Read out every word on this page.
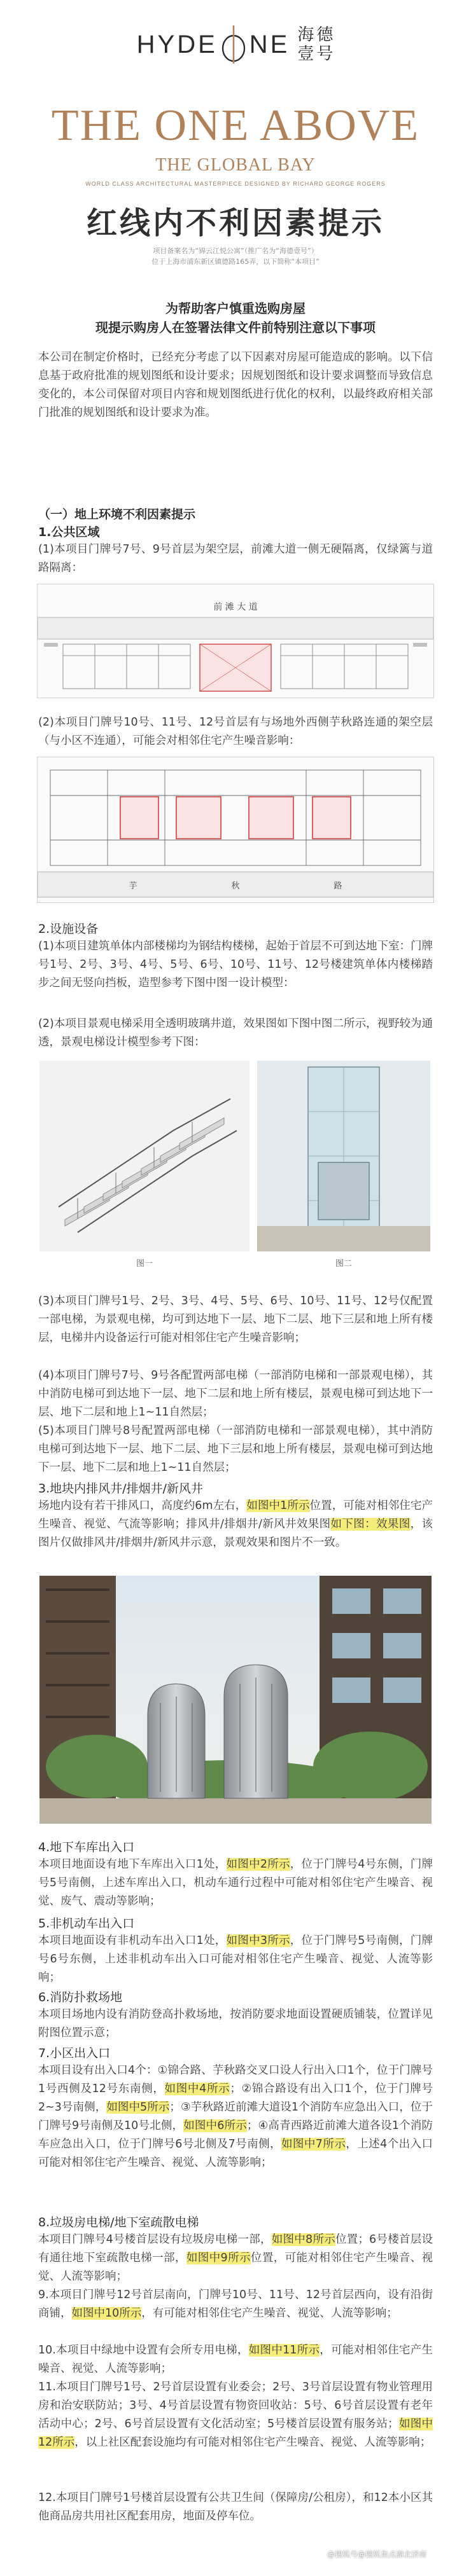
HYDE NE 海 德
壹 号
THE ONE ABOVE
THE GLOBAL BAY
WORLD CLASS ARCHITECTURAL MASTERPIECE DESIGNED BY RICHARD GEORGE ROGERS
红线内不利因素提示
项目备案名为“锦云江悦公寓”（推广名为“海德壹号”）
位于上海市浦东新区镇德路165弄，以下简称“本项目”
为帮助客户慎重选购房屋
现提示购房人在签署法律文件前特别注意以下事项
本公司在制定价格时，已经充分考虑了以下因素对房屋可能造成的影响。以下信息基于政府批准的规划图纸和设计要求；因规划图纸和设计要求调整而导致信息变化的，本公司保留对项目内容和规划图纸进行优化的权利，以最终政府相关部门批准的规划图纸和设计要求为准。
1.公共区域
（一）地上环境不利因素提示
(1)本项目门牌号7号、9号首层为架空层，前滩大道一侧无硬隔离，仅绿篱与道路隔离：
前 滩 大 道
(2)本项目门牌号10号、11号、12号首层有与场地外西侧芋秋路连通的架空层（与小区不连通），可能会对相邻住宅产生噪音影响：
芋	秋	路
2.设施设备
(1)本项目建筑单体内部楼梯均为钢结构楼梯，起始于首层不可到达地下室：门牌号1号、2号、3号、4号、5号、6号、10号、11号、12号楼建筑单体内楼梯踏步之间无竖向挡板，造型参考下图中图一设计模型：
(2)本项目景观电梯采用全透明玻璃井道，效果图如下图中图二所示，视野较为通透，景观电梯设计模型参考下图：
图一	图二
(3)本项目门牌号1号、2号、3号、4号、5号、6号、10号、11号、12号仅配置一部电梯，为景观电梯，均可到达地下一层、地下二层、地下三层和地上所有楼层，电梯井内设备运行可能对相邻住宅产生噪音影响；
(4)本项目门牌号7号、9号各配置两部电梯（一部消防电梯和一部景观电梯），其中消防电梯可到达地下一层、地下二层和地上所有楼层，景观电梯可到达地下一层、地下二层和地上1~11自然层；
(5)本项目门牌号8号配置两部电梯（一部消防电梯和一部景观电梯），其中消防电梯可到达地下一层、地下二层、地下三层和地上所有楼层，景观电梯可到达地下一层、地下二层和地上1~11自然层；
3.地块内排风井/排烟井/新风井
场地内设有若干排风口，高度约6m左右，如图中1所示位置，可能对相邻住宅产生噪音、视觉、气流等影响；排风井/排烟井/新风井效果图如下图：效果图，该图片仅做排风井/排烟井/新风井示意，景观效果和图片不一致。
4.地下车库出入口
本项目地面设有地下车库出入口1处，如图中2所示，位于门牌号4号东侧，门牌号5号南侧，上述车库出入口，机动车通行过程中可能对相邻住宅产生噪音、视觉、废气、震动等影响；
5.非机动车出入口
本项目地面设有非机动车出入口1处，如图中3所示，位于门牌号5号南侧，门牌号6号东侧，上述非机动车出入口可能对相邻住宅产生噪音、视觉、人流等影响；
6.消防扑救场地
本项目场地内设有消防登高扑救场地，按消防要求地面设置硬质铺装，位置详见附图位置示意；
7.小区出入口
本项目设有出入口4个：①锦合路、芋秋路交叉口设人行出入口1个，位于门牌号1号西侧及12号东南侧，如图中4所示；②锦合路设有出入口1个，位于门牌号2~3号南侧，如图中5所示；③芋秋路近前滩大道设1个消防车应急出入口，位于门牌号9号南侧及10号北侧，如图中6所示；④高青西路近前滩大道各设1个消防车应急出入口，位于门牌号6号北侧及7号南侧，如图中7所示，上述4个出入口可能对相邻住宅产生噪音、视觉、人流等影响；
8.垃圾房电梯/地下室疏散电梯
本项目门牌号4号楼首层设有垃圾房电梯一部，如图中8所示位置；6号楼首层设有通往地下室疏散电梯一部，如图中9所示位置，可能对相邻住宅产生噪音、视觉、人流等影响；
9.本项目门牌号12号首层南向，门牌号10号、11号、12号首层西向，设有沿街商铺，如图中10所示，有可能对相邻住宅产生噪音、视觉、人流等影响；
10.本项目中绿地中设置有会所专用电梯，如图中11所示，可能对相邻住宅产生噪音、视觉、人流等影响；
11.本项目门牌号1号、2号首层设置有业委会；2号、3号首层设置有物业管理用房和治安联防站；3号、4号首层设置有物资回收站：5号、6号首层设置有老年活动中心；2号、6号首层设置有文化活动室；5号楼首层设置有服务站；如图中12所示，以上社区配套设施均有可能对相邻住宅产生噪音、视觉、人流等影响；
12.本项目门牌号1号楼首层设置有公共卫生间（保障房/公租房），和12本小区其他商品房共用社区配套用房，地面及停车位。
@搜狐号@搜狐焦点湖北济南
